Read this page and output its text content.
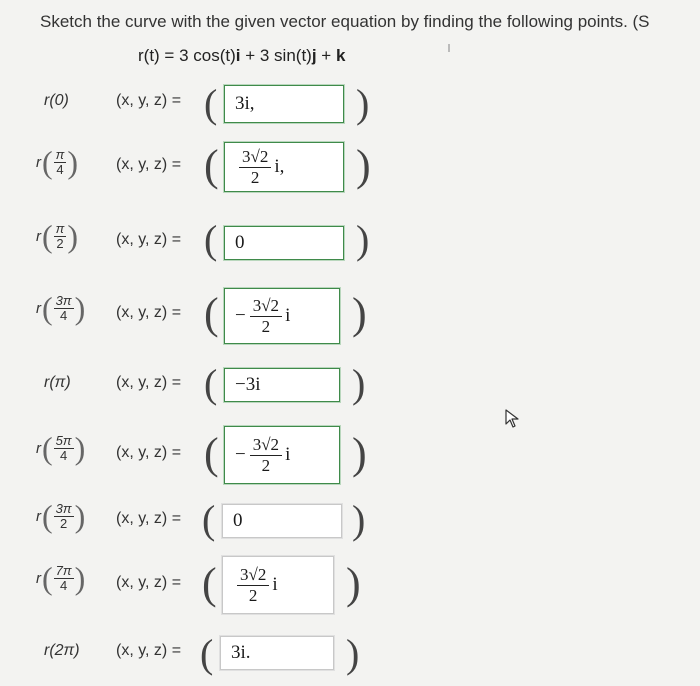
Sketch the curve with the given vector equation by finding the following points. (S
r(t) = 3 cos(t)i + 3 sin(t)j + k
r(0)	(x, y, z) = ( 3i,	)
r ( $\frac{\pi}{4}$ ) (x, y, z) = ( 3√2
2 i, )
r ( $\frac{\pi}{2}$ ) (x, y, z) = ( 0	)
r ( $\frac{3\pi}{4}$ ) (x, y, z) = ( − $\frac{3√2}{2}$ i )
r(π)	(x, y, z) = ( −3i )
r ( $\frac{5\pi}{4}$ ) (x, y, z) = ( − $\frac{3√2}{2}$ i )
r ( $\frac{3\pi}{2}$ ) (x, y, z) = ( 0	)
r ( $\frac{7\pi}{4}$ ) (x, y, z) = ( 3√2
2 i )
r(2π) (x, y, z) = ( 3i. )
